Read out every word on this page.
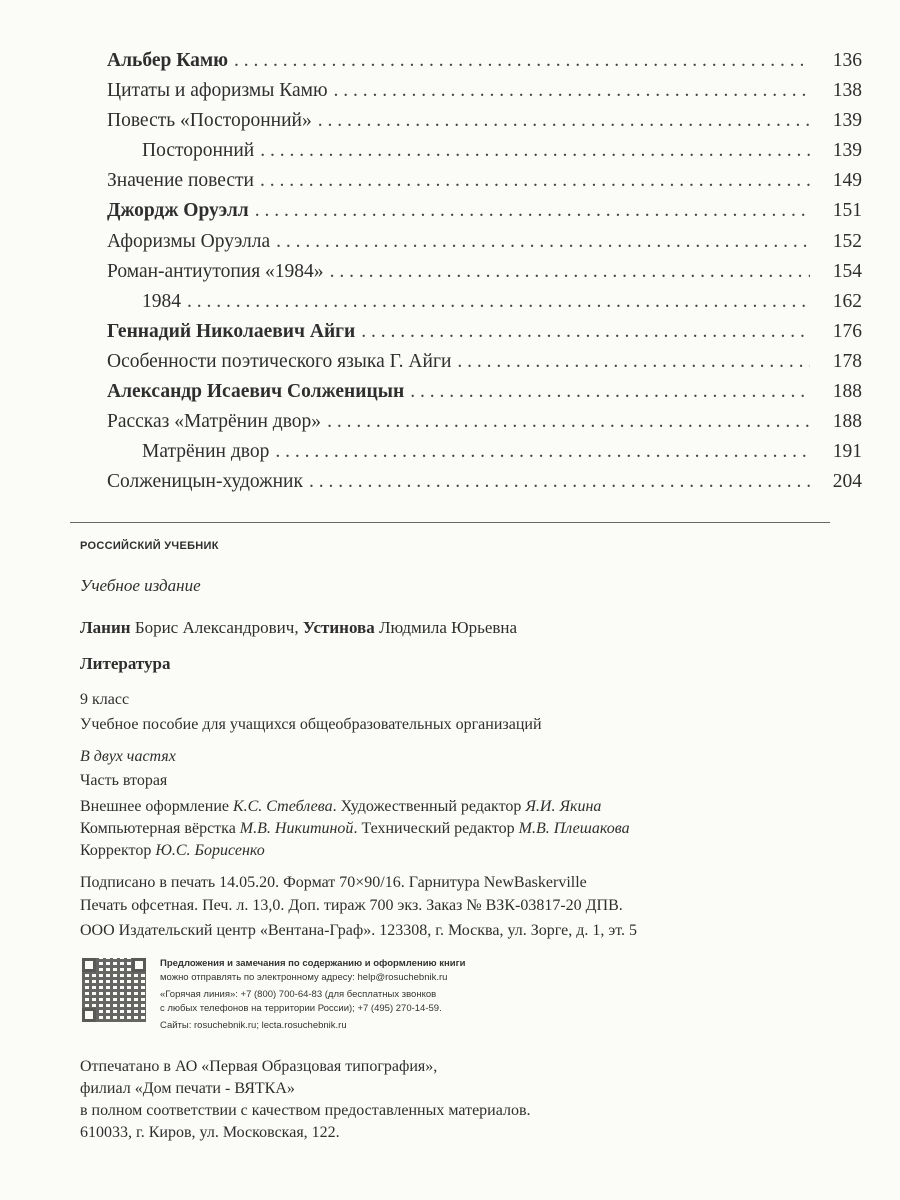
Альбер Камю . . .	136
Цитаты и афоризмы Камю . . .	138
Повесть «Посторонний» . . .	139
Посторонний . . .	139
Значение повести . . .	149
Джордж Оруэлл . . .	151
Афоризмы Оруэлла . . .	152
Роман-антиутопия «1984» . . .	154
1984 . . .	162
Геннадий Николаевич Айги . . .	176
Особенности поэтического языка Г. Айги . . .	178
Александр Исаевич Солженицын . . .	188
Рассказ «Матрёнин двор» . . .	188
Матрёнин двор . . .	191
Солженицын-художник . . .	204
РОССИЙСКИЙ УЧЕБНИК
Учебное издание
Ланин Борис Александрович, Устинова Людмила Юрьевна
Литература
9 класс
Учебное пособие для учащихся общеобразовательных организаций
В двух частях
Часть вторая
Внешнее оформление К.С. Стеблева. Художественный редактор Я.И. Якина
Компьютерная вёрстка М.В. Никитиной. Технический редактор М.В. Плешакова
Корректор Ю.С. Борисенко
Подписано в печать 14.05.20. Формат 70×90/16. Гарнитура NewBaskerville
Печать офсетная. Печ. л. 13,0. Доп. тираж 700 экз. Заказ № ВЗК-03817-20 ДПВ.
ООО Издательский центр «Вентана-Граф». 123308, г. Москва, ул. Зорге, д. 1, эт. 5
Предложения и замечания по содержанию и оформлению книги
можно отправлять по электронному адресу: help@rosuchebnik.ru
«Горячая линия»: +7 (800) 700-64-83 (для бесплатных звонков
с любых телефонов на территории России); +7 (495) 270-14-59.
Сайты: rosuchebnik.ru; lecta.rosuchebnik.ru
Отпечатано в АО «Первая Образцовая типография»,
филиал «Дом печати - ВЯТКА»
в полном соответствии с качеством предоставленных материалов.
610033, г. Киров, ул. Московская, 122.
